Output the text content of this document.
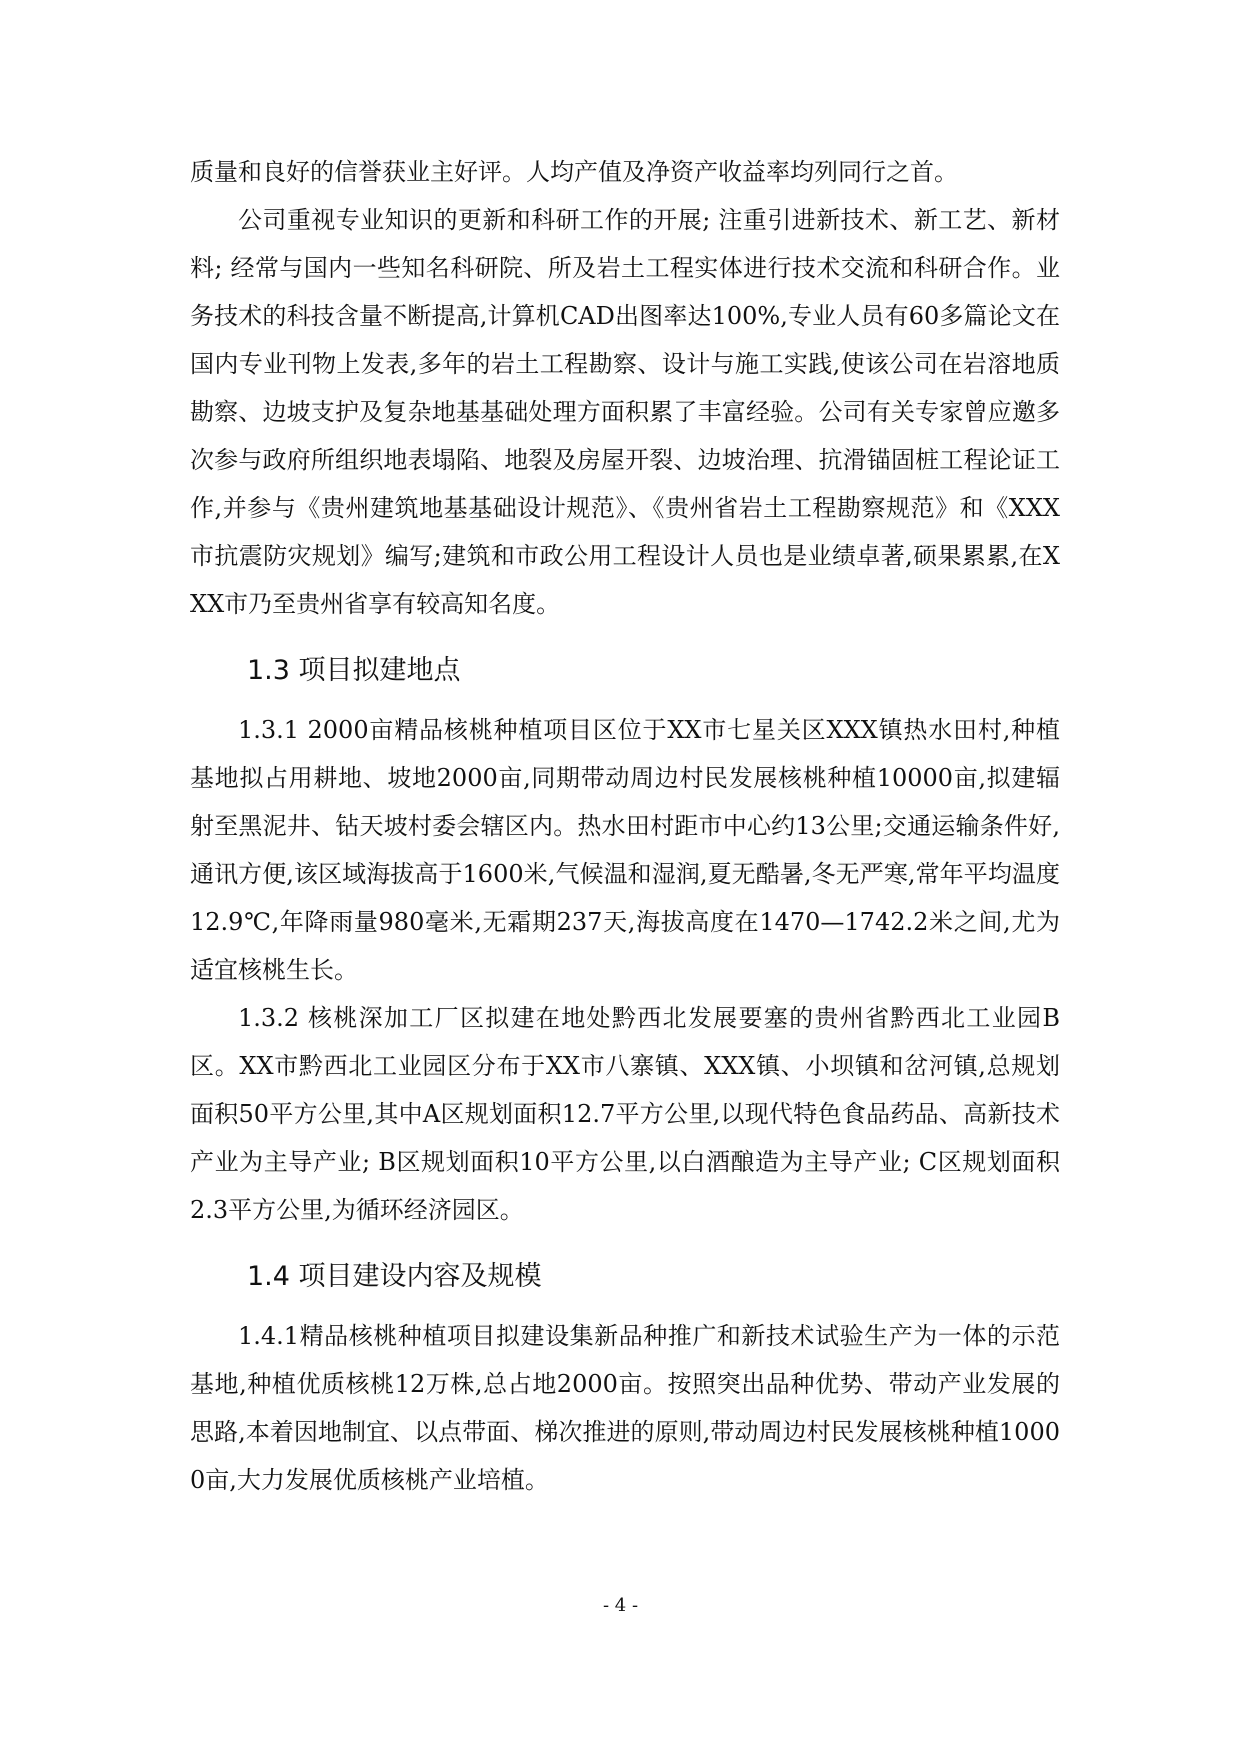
质量和良好的信誉获业主好评。人均产值及净资产收益率均列同行之首。

公司重视专业知识的更新和科研工作的开展; 注重引进新技术、新工艺、新材料; 经常与国内一些知名科研院、所及岩土工程实体进行技术交流和科研合作。业务技术的科技含量不断提高,计算机CAD出图率达100%,专业人员有60多篇论文在国内专业刊物上发表,多年的岩土工程勘察、设计与施工实践,使该公司在岩溶地质勘察、边坡支护及复杂地基基础处理方面积累了丰富经验。公司有关专家曾应邀多次参与政府所组织地表塌陷、地裂及房屋开裂、边坡治理、抗滑锚固桩工程论证工作,并参与《贵州建筑地基基础设计规范》、《贵州省岩土工程勘察规范》和《XXX市抗震防灾规划》编写;建筑和市政公用工程设计人员也是业绩卓著,硕果累累,在XXX市乃至贵州省享有较高知名度。

1.3 项目拟建地点

1.3.1 2000亩精品核桃种植项目区位于XX市七星关区XXX镇热水田村,种植基地拟占用耕地、坡地2000亩,同期带动周边村民发展核桃种植10000亩,拟建辐射至黑泥井、钻天坡村委会辖区内。热水田村距市中心约13公里;交通运输条件好,通讯方便,该区域海拔高于1600米,气候温和湿润,夏无酷暑,冬无严寒,常年平均温度12.9℃,年降雨量980毫米,无霜期237天,海拔高度在1470—1742.2米之间,尤为适宜核桃生长。

1.3.2 核桃深加工厂区拟建在地处黔西北发展要塞的贵州省黔西北工业园B区。XX市黔西北工业园区分布于XX市八寨镇、XXX镇、小坝镇和岔河镇,总规划面积50平方公里,其中A区规划面积12.7平方公里,以现代特色食品药品、高新技术产业为主导产业; B区规划面积10平方公里,以白酒酿造为主导产业; C区规划面积2.3平方公里,为循环经济园区。

1.4 项目建设内容及规模

1.4.1精品核桃种植项目拟建设集新品种推广和新技术试验生产为一体的示范基地,种植优质核桃12万株,总占地2000亩。按照突出品种优势、带动产业发展的思路,本着因地制宜、以点带面、梯次推进的原则,带动周边村民发展核桃种植10000亩,大力发展优质核桃产业培植。

- 4 -
